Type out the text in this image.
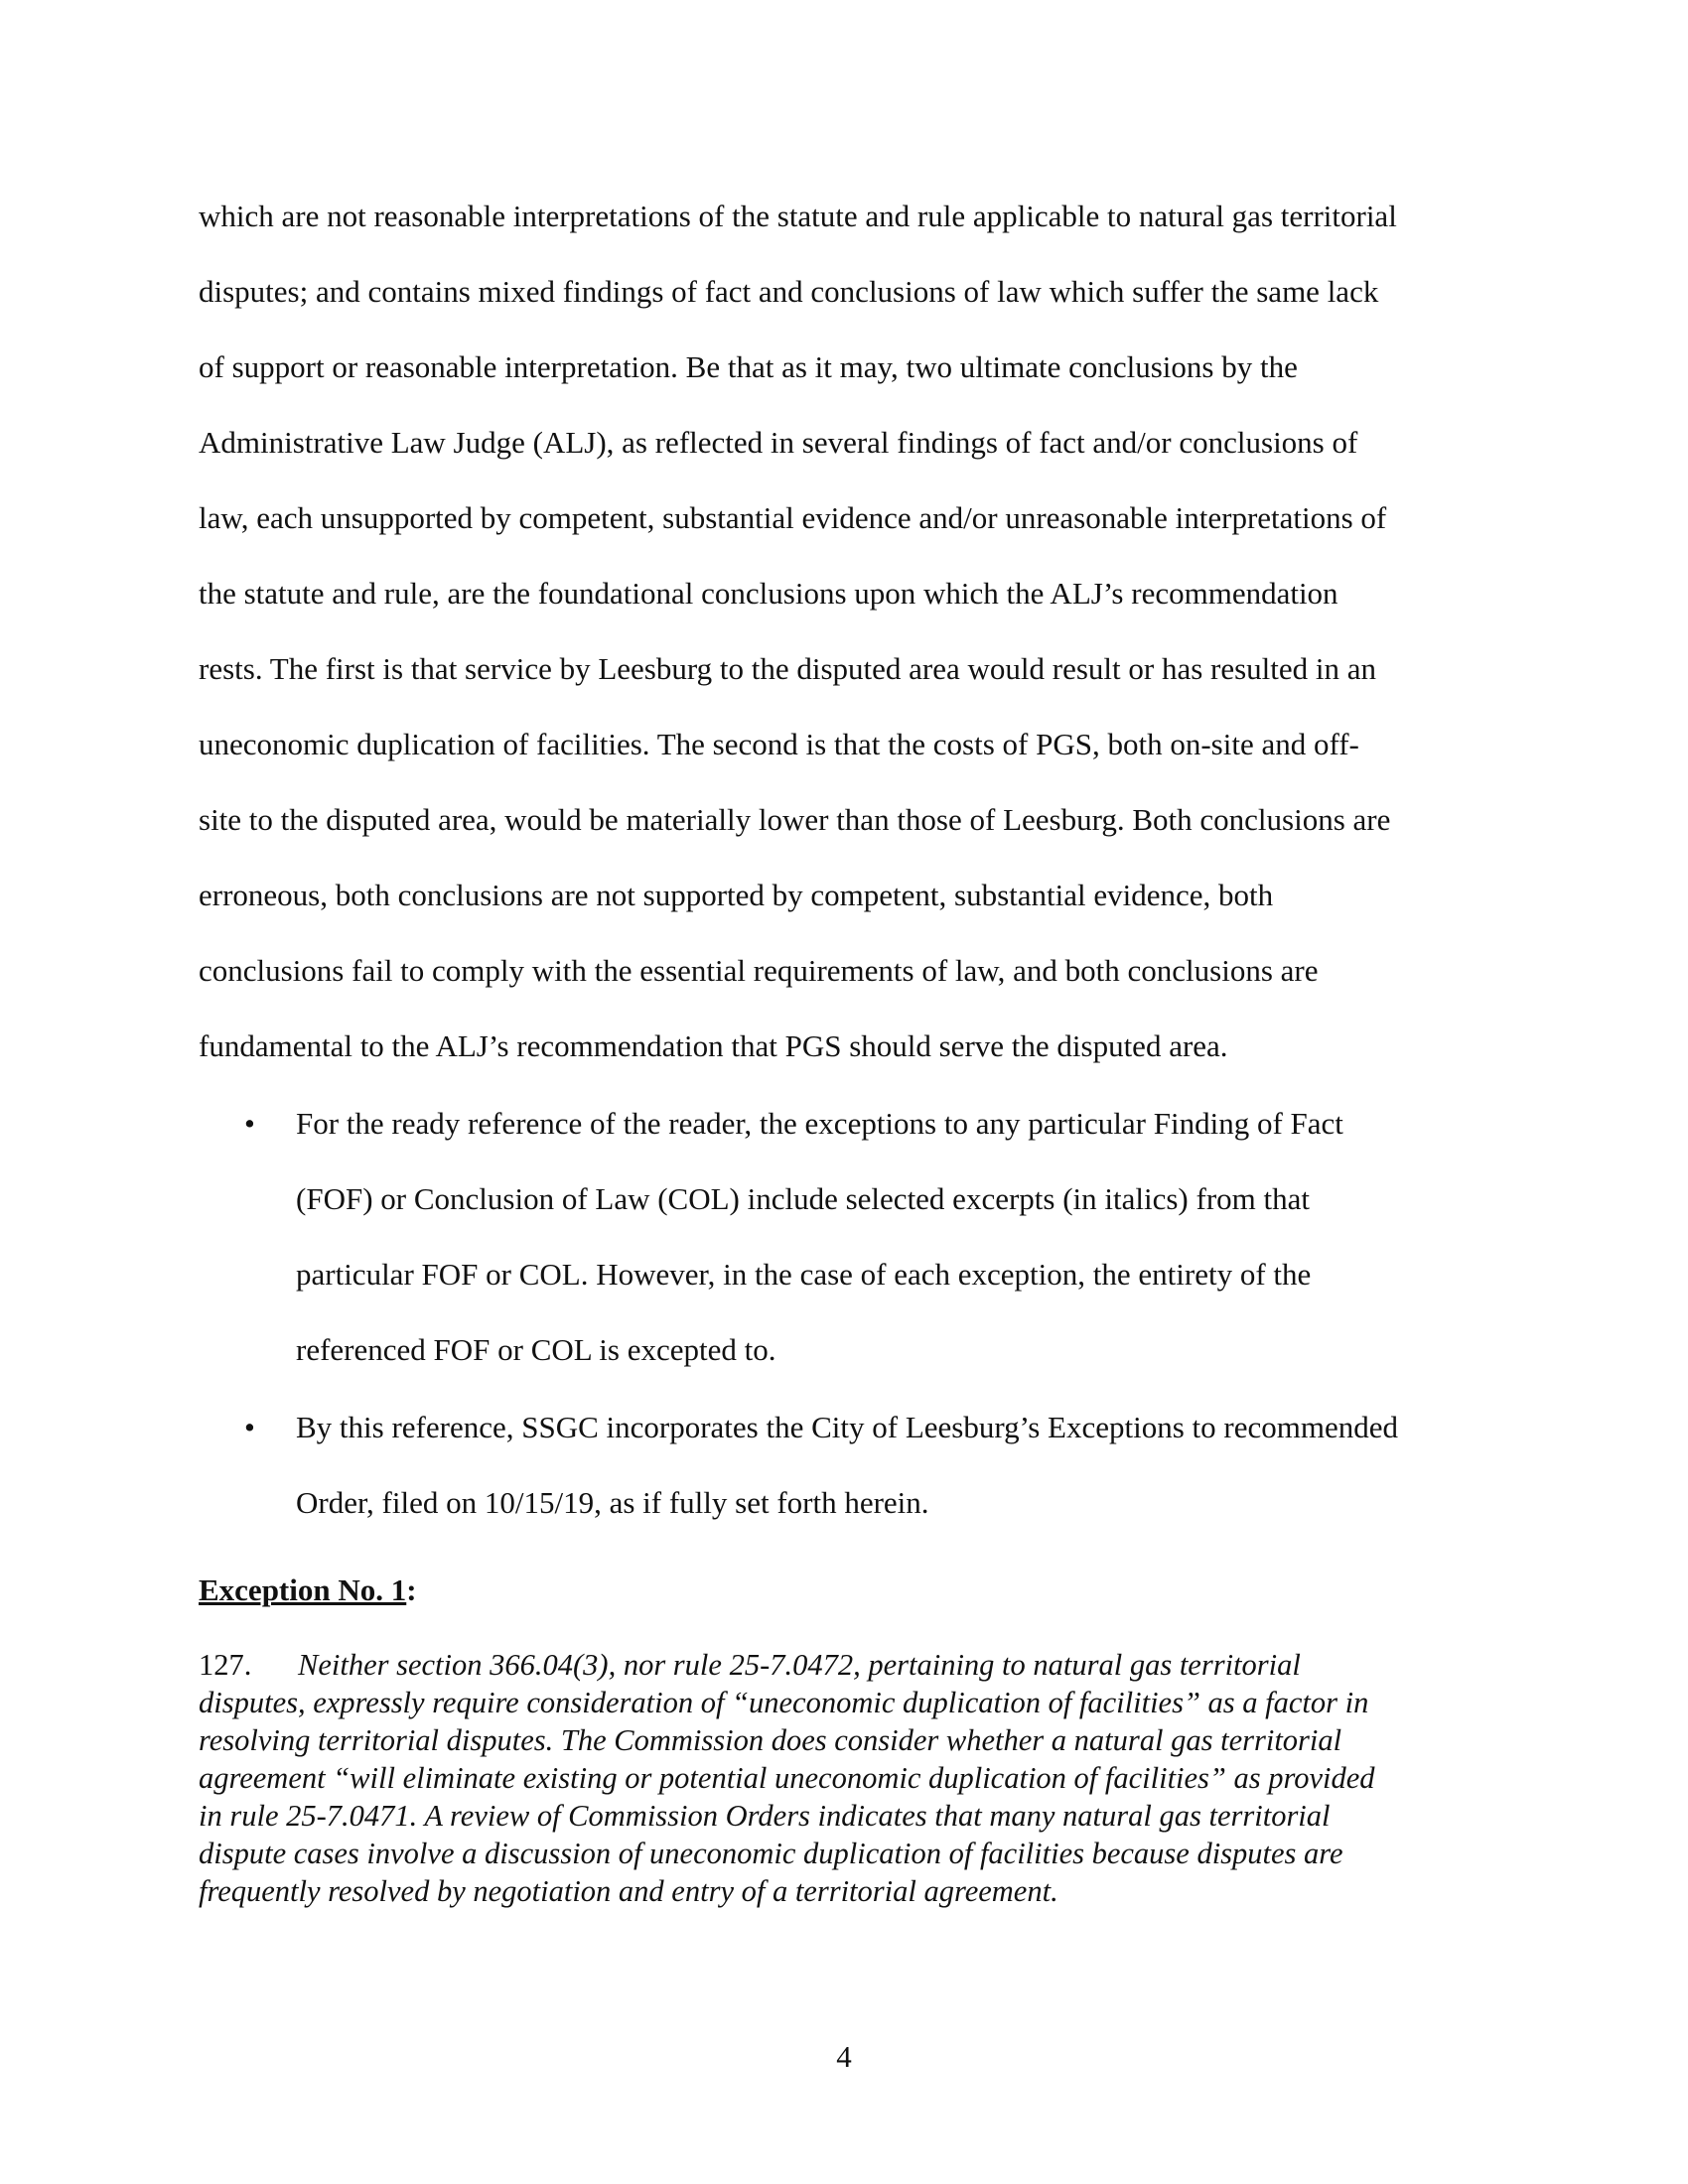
which are not reasonable interpretations of the statute and rule applicable to natural gas territorial
disputes; and contains mixed findings of fact and conclusions of law which suffer the same lack
of support or reasonable interpretation. Be that as it may, two ultimate conclusions by the
Administrative Law Judge (ALJ), as reflected in several findings of fact and/or conclusions of
law, each unsupported by competent, substantial evidence and/or unreasonable interpretations of
the statute and rule, are the foundational conclusions upon which the ALJ’s recommendation
rests. The first is that service by Leesburg to the disputed area would result or has resulted in an
uneconomic duplication of facilities. The second is that the costs of PGS, both on-site and off-
site to the disputed area, would be materially lower than those of Leesburg. Both conclusions are
erroneous, both conclusions are not supported by competent, substantial evidence, both
conclusions fail to comply with the essential requirements of law, and both conclusions are
fundamental to the ALJ’s recommendation that PGS should serve the disputed area.
• For the ready reference of the reader, the exceptions to any particular Finding of Fact
(FOF) or Conclusion of Law (COL) include selected excerpts (in italics) from that
particular FOF or COL. However, in the case of each exception, the entirety of the
referenced FOF or COL is excepted to.
• By this reference, SSGC incorporates the City of Leesburg’s Exceptions to recommended
Order, filed on 10/15/19, as if fully set forth herein.
Exception No. 1:
127. Neither section 366.04(3), nor rule 25-7.0472, pertaining to natural gas territorial
disputes, expressly require consideration of “uneconomic duplication of facilities” as a factor in
resolving territorial disputes. The Commission does consider whether a natural gas territorial
agreement “will eliminate existing or potential uneconomic duplication of facilities” as provided
in rule 25-7.0471. A review of Commission Orders indicates that many natural gas territorial
dispute cases involve a discussion of uneconomic duplication of facilities because disputes are
frequently resolved by negotiation and entry of a territorial agreement.
4
